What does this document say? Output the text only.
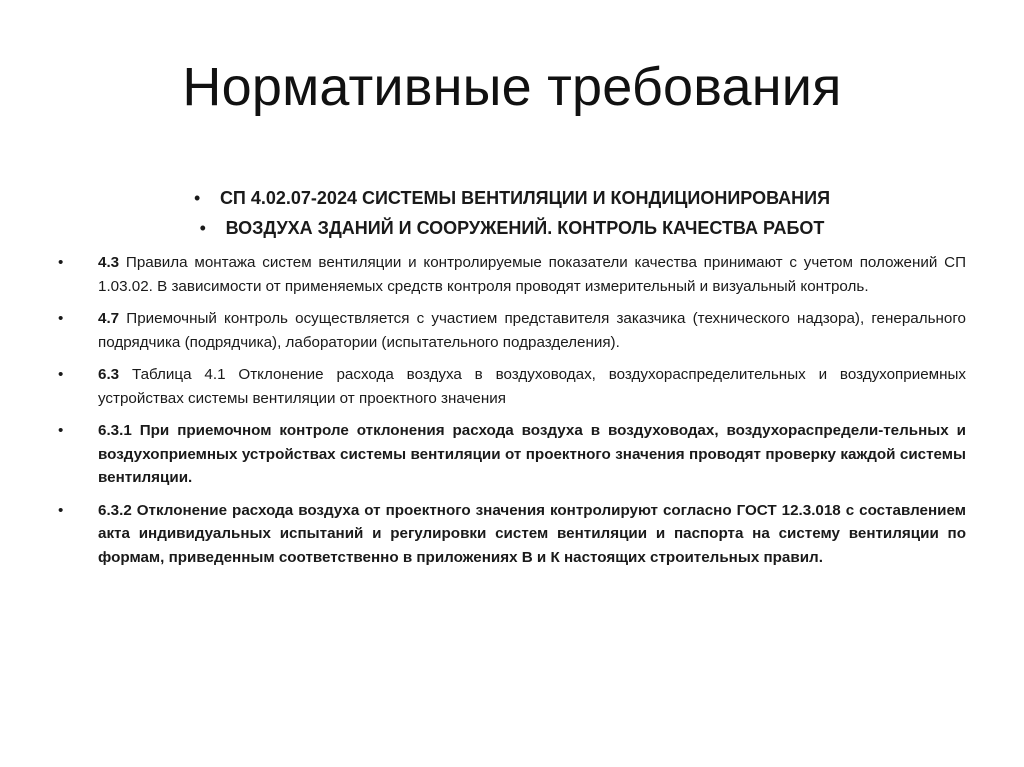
Нормативные требования
• СП 4.02.07-2024 СИСТЕМЫ ВЕНТИЛЯЦИИ И КОНДИЦИОНИРОВАНИЯ
• ВОЗДУХА ЗДАНИЙ И СООРУЖЕНИЙ. КОНТРОЛЬ КАЧЕСТВА РАБОТ
• 4.3 Правила монтажа систем вентиляции и контролируемые показатели качества принимают с учетом положений СП 1.03.02. В зависимости от применяемых средств контроля проводят измерительный и визуальный контроль.
• 4.7 Приемочный контроль осуществляется с участием представителя заказчика (технического надзора), генерального подрядчика (подрядчика), лаборатории (испытательного подразделения).
• 6.3 Таблица 4.1 Отклонение расхода воздуха в воздуховодах, воздухораспределительных и воздухоприемных устройствах системы вентиляции от проектного значения
• 6.3.1 При приемочном контроле отклонения расхода воздуха в воздуховодах, воздухораспредели-тельных и воздухоприемных устройствах системы вентиляции от проектного значения проводят проверку каждой системы вентиляции.
• 6.3.2 Отклонение расхода воздуха от проектного значения контролируют согласно ГОСТ 12.3.018 с составлением акта индивидуальных испытаний и регулировки систем вентиляции и паспорта на систему вентиляции по формам, приведенным соответственно в приложениях В и К настоящих строительных правил.
